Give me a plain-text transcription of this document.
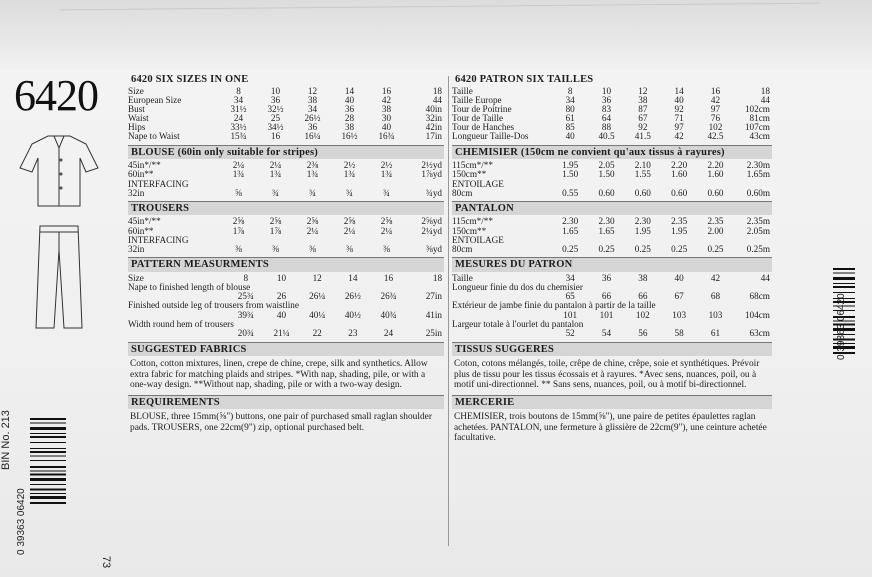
6420	6420 SIX SIZES IN ONE
Size	8	10	12	14	16	18
European Size	34	36	38	40	42	44
Bust	31½	32½	34	36	38	40in
Waist	24	25	26½	28	30	32in
Hips	33½	34½	36	38	40	42in
Nape to Waist	15¾	16	16¼	16½	16¾	17in
BLOUSE (60in only suitable for stripes)
45in*/**	2¼	2¼	2⅜	2½	2½	2½yd
60in**	1¾	1¾	1¾	1¾	1¾	1⅞yd
INTERFACING
32in	⅝	¾	¾	¾	¾	¾yd
TROUSERS
45in*/**	2⅝	2⅝	2⅝	2⅝	2⅝	2⅝yd
60in**	1⅞	1⅞	2¼	2¼	2¼	2¼yd
INTERFACING
32in	⅜	⅜	⅜	⅜	⅜	⅜yd
PATTERN MEASURMENTS
Size	8	10	12	14	16	18
Nape to finished length of blouse
25¾	26	26¼	26½	26¾	27in
Finished outside leg of trousers from waistline
39¾	40	40¼	40½	40¾	41in
Width round hem of trousers
20¾	21¼	22	23	24	25in
SUGGESTED FABRICS
Cotton, cotton mixtures, linen, crepe de chine, crepe, silk and synthetics. Allow extra fabric for matching plaids and stripes. *With nap, shading, pile, or with a one-way design. **Without nap, shading, pile or with a two-way design.
REQUIREMENTS
BLOUSE, three 15mm(⅝") buttons, one pair of purchased small raglan shoulder pads. TROUSERS, one 22cm(9") zip, optional purchased belt.
6420 PATRON SIX TAILLES
Taille	8	10	12	14	16	18
Taille Europe	34	36	38	40	42	44
Tour de Poitrine	80	83	87	92	97	102cm
Tour de Taille	61	64	67	71	76	81cm
Tour de Hanches	85	88	92	97	102	107cm
Longueur Taille-Dos	40	40.5	41.5	42	42.5	43cm
CHEMISIER (150cm ne convient qu'aux tissus à rayures)
115cm*/**	1.95	2.05	2.10	2.20	2.20	2.30m
150cm**	1.50	1.50	1.55	1.60	1.60	1.65m
ENTOILAGE
80cm	0.55	0.60	0.60	0.60	0.60	0.60m
PANTALON
115cm*/**	2.30	2.30	2.30	2.35	2.35	2.35m
150cm**	1.65	1.65	1.95	1.95	2.00	2.05m
ENTOILAGE
80cm	0.25	0.25	0.25	0.25	0.25	0.25m
MESURES DU PATRON
Taille	34	36	38	40	42	44
Longueur finie du dos du chemisier
65	66	66	67	68	68cm
Extérieur de jambe finie du pantalon à partir de la taille
101	101	102	103	103	104cm
Largeur totale à l'ourlet du pantalon
52	54	56	58	61	63cm
TISSUS SUGGERES
Coton, cotons mélangés, toile, crêpe de chine, crêpe, soie et synthétiques. Prévoir plus de tissu pour les tissus écossais et à rayures. *Avec sens, nuances, poil, ou à motif uni-directionnel. ** Sans sens, nuances, poil, ou à motif bi-directionnel.
MERCERIE
CHEMISIER, trois boutons de 15mm(⅝"), une paire de petites épaulettes raglan achetées. PANTALON, une fermeture à glissière de 22cm(9"), une ceinture achetée facultative.
BIN No. 213
0 39363 06420
73
0 39363 06420
